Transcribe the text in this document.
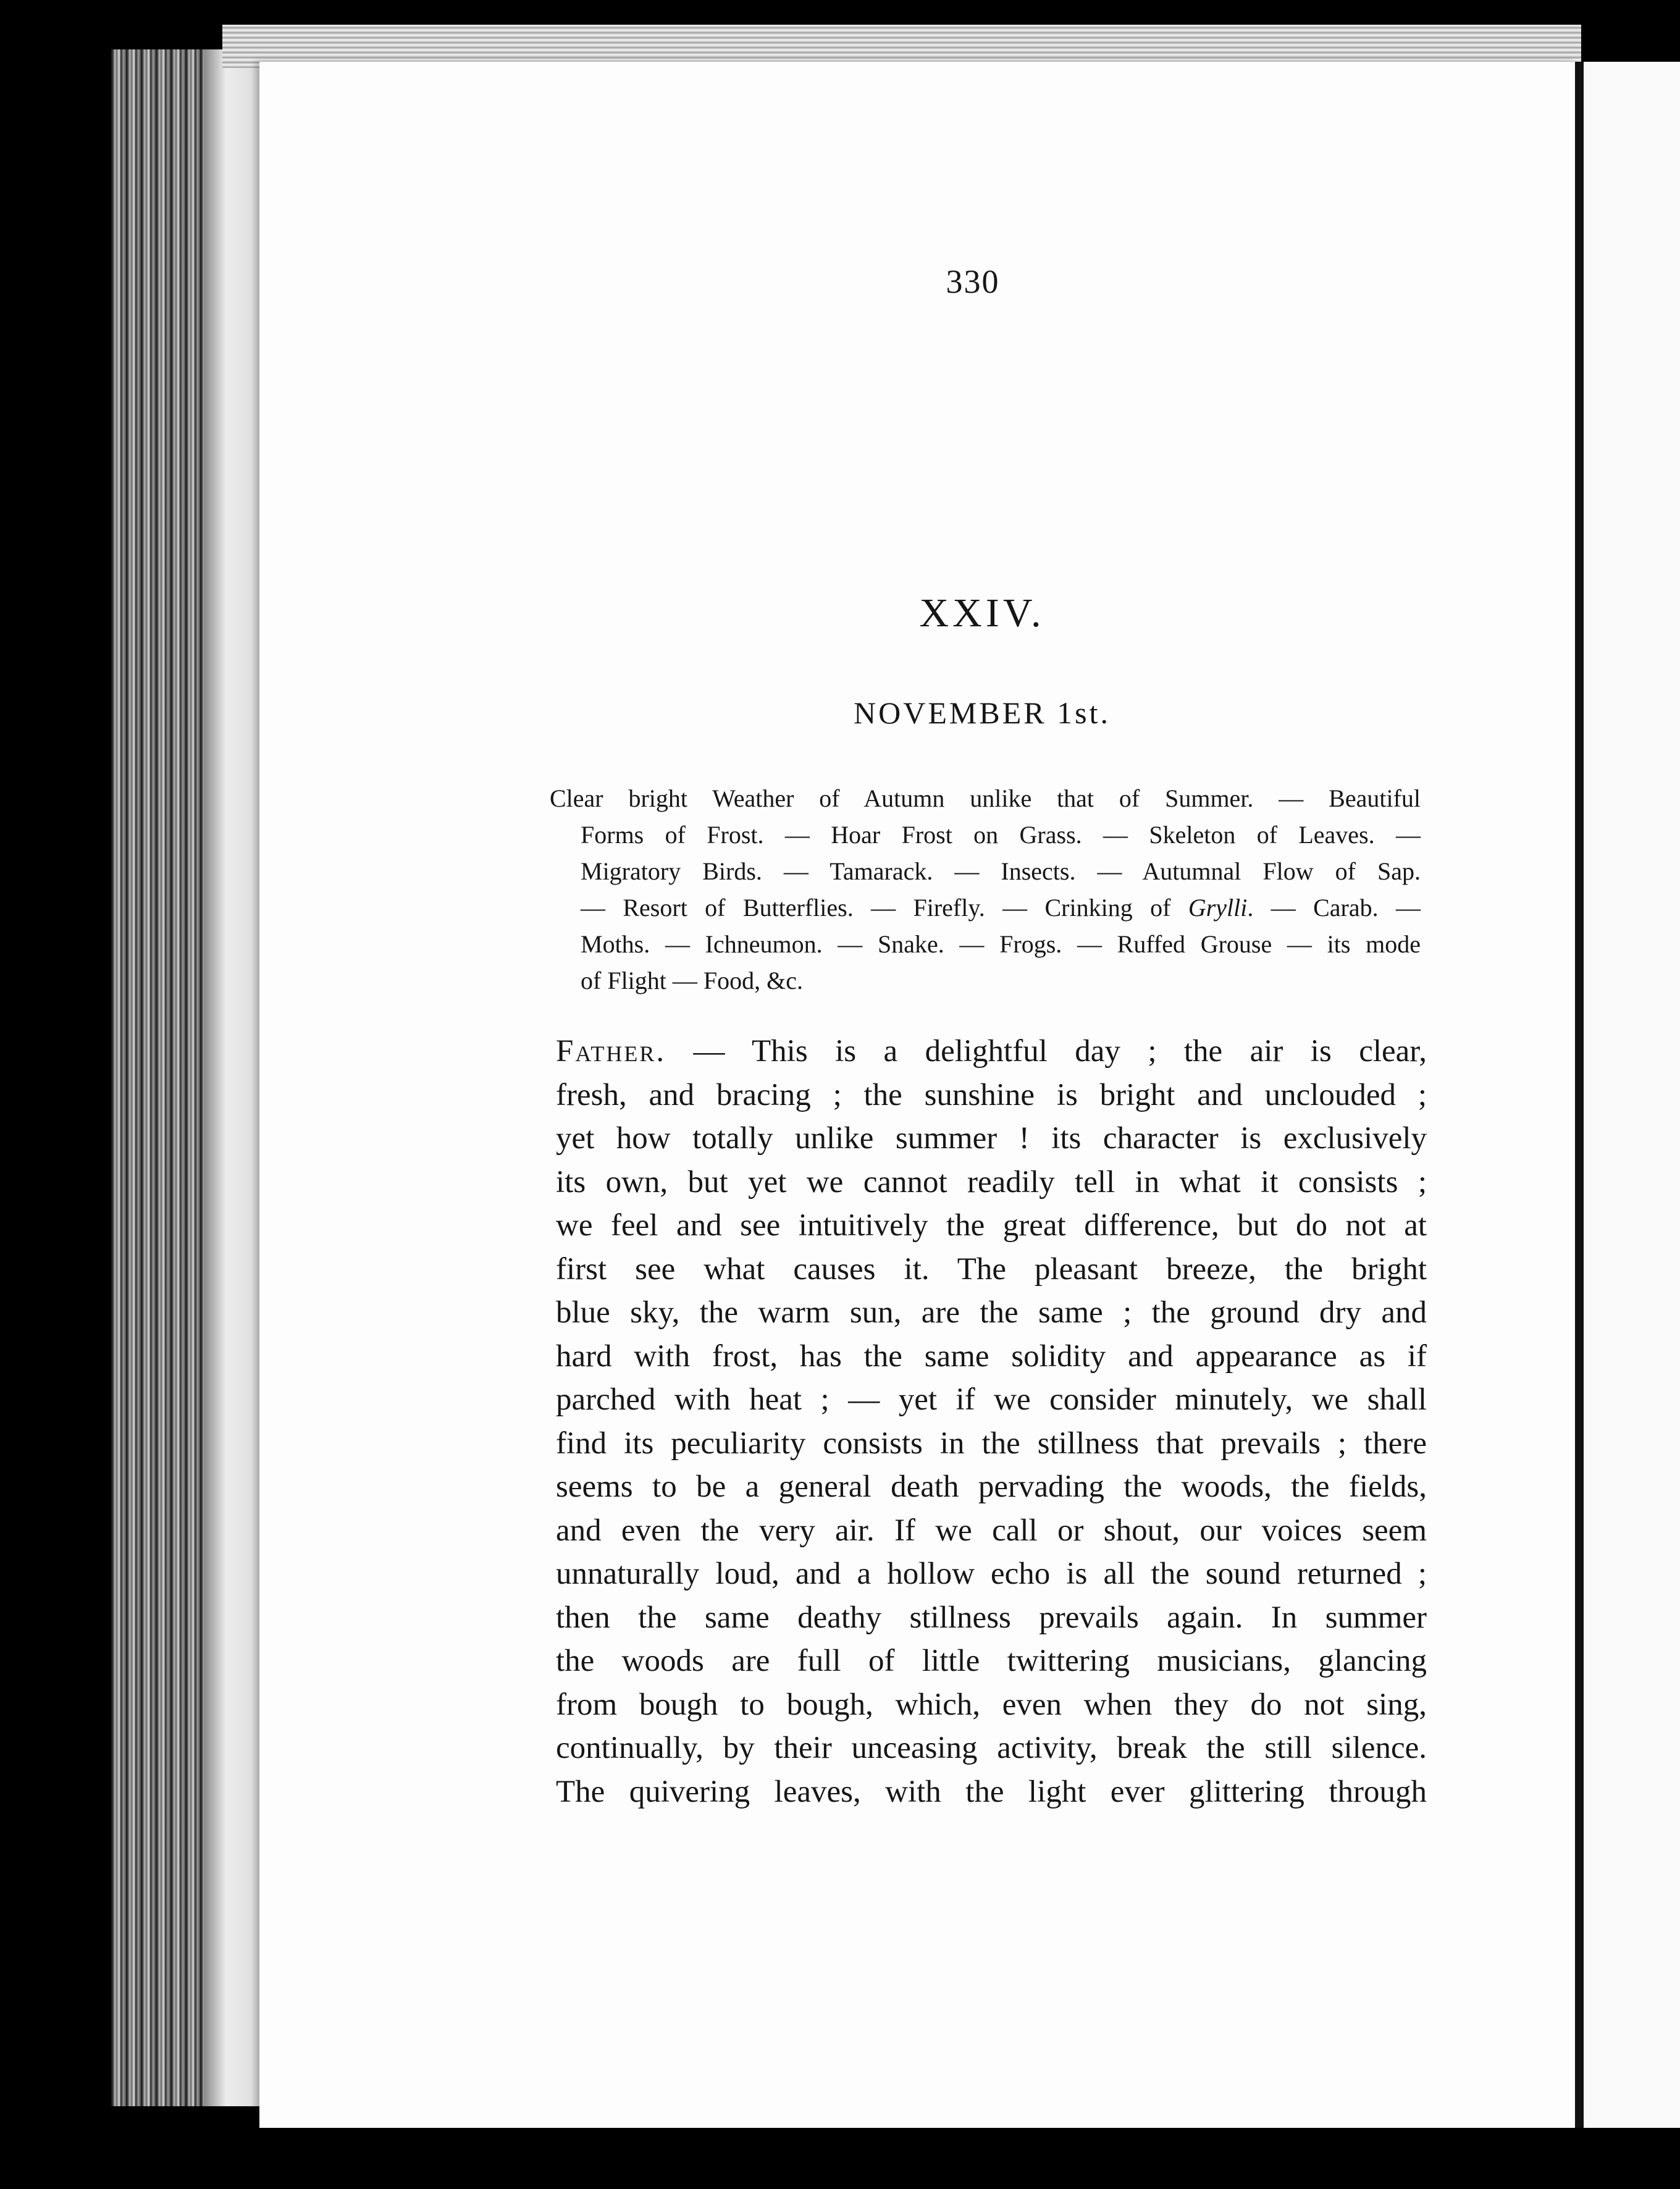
330
XXIV.
NOVEMBER 1st.
Clear bright Weather of Autumn unlike that of Summer. — Beautiful
Forms of Frost. — Hoar Frost on Grass. — Skeleton of Leaves. —
Migratory Birds. — Tamarack. — Insects. — Autumnal Flow of Sap.
— Resort of Butterflies. — Firefly. — Crinking of Grylli. — Carab. —
Moths. — Ichneumon. — Snake. — Frogs. — Ruffed Grouse — its mode
of Flight — Food, &c.
Father. — This is a delightful day ; the air is clear,
fresh, and bracing ; the sunshine is bright and unclouded ;
yet how totally unlike summer ! its character is exclusively
its own, but yet we cannot readily tell in what it consists ;
we feel and see intuitively the great difference, but do not at
first see what causes it. The pleasant breeze, the bright
blue sky, the warm sun, are the same ; the ground dry and
hard with frost, has the same solidity and appearance as if
parched with heat ; — yet if we consider minutely, we shall
find its peculiarity consists in the stillness that prevails ; there
seems to be a general death pervading the woods, the fields,
and even the very air. If we call or shout, our voices seem
unnaturally loud, and a hollow echo is all the sound returned ;
then the same deathy stillness prevails again. In summer
the woods are full of little twittering musicians, glancing
from bough to bough, which, even when they do not sing,
continually, by their unceasing activity, break the still silence.
The quivering leaves, with the light ever glittering through
